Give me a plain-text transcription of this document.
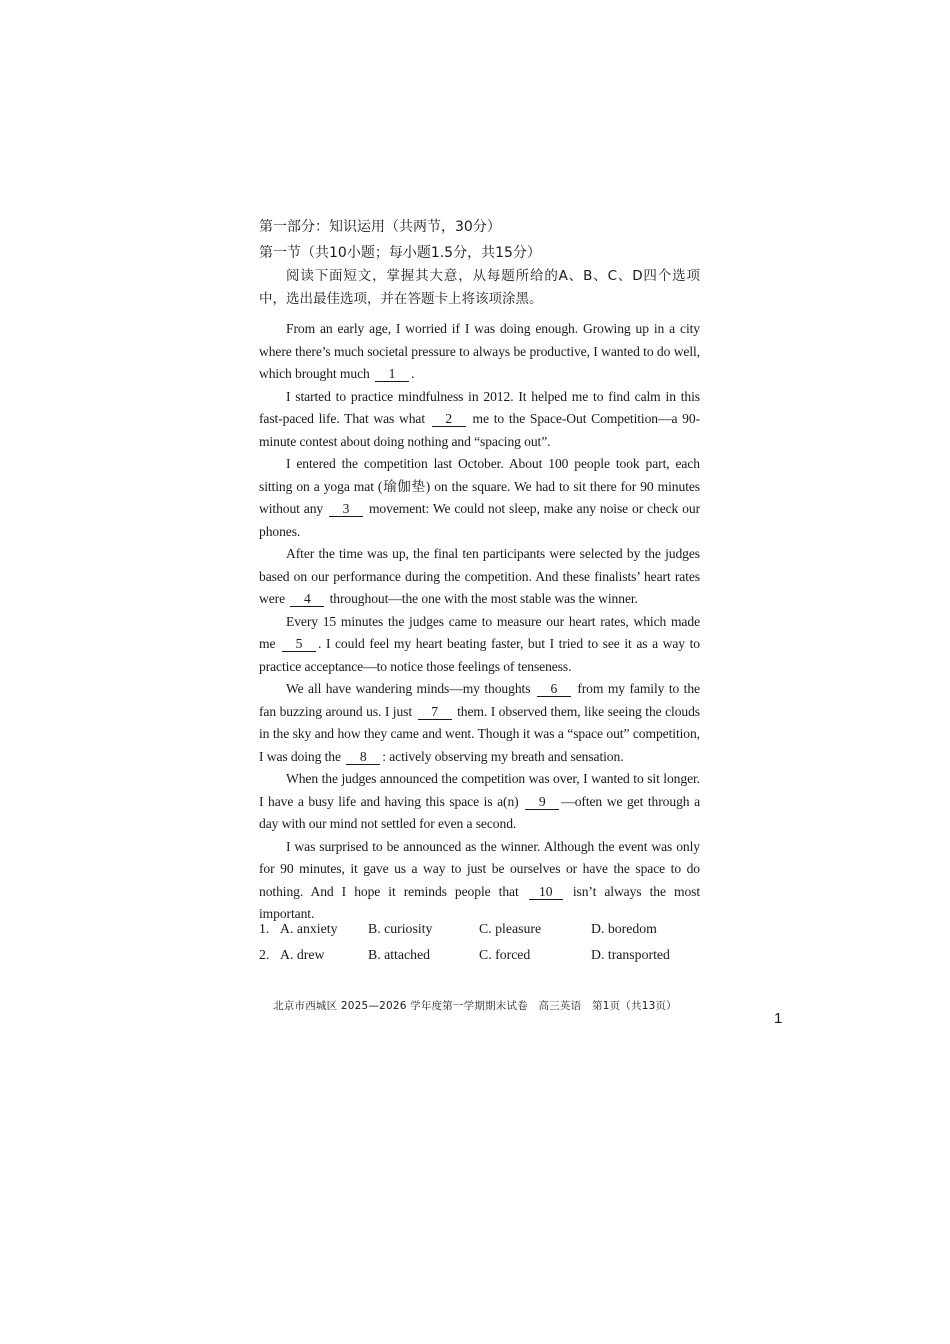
第一部分：知识运用（共两节，30分）
第一节（共10小题；每小题1.5分，共15分）
阅读下面短文，掌握其大意，从每题所给的A、B、C、D四个选项中，选出最佳选项，并在答题卡上将该项涂黑。
From an early age, I worried if I was doing enough. Growing up in a city where there’s much societal pressure to always be productive, I wanted to do well, which brought much 1 .
I started to practice mindfulness in 2012. It helped me to find calm in this fast-paced life. That was what 2 me to the Space-Out Competition—a 90-minute contest about doing nothing and “spacing out”.
I entered the competition last October. About 100 people took part, each sitting on a yoga mat (瑜伽垫) on the square. We had to sit there for 90 minutes without any 3 movement: We could not sleep, make any noise or check our phones.
After the time was up, the final ten participants were selected by the judges based on our performance during the competition. And these finalists’ heart rates were 4 throughout—the one with the most stable was the winner.
Every 15 minutes the judges came to measure our heart rates, which made me 5 . I could feel my heart beating faster, but I tried to see it as a way to practice acceptance—to notice those feelings of tenseness.
We all have wandering minds—my thoughts 6 from my family to the fan buzzing around us. I just 7 them. I observed them, like seeing the clouds in the sky and how they came and went. Though it was a “space out” competition, I was doing the 8 : actively observing my breath and sensation.
When the judges announced the competition was over, I wanted to sit longer. I have a busy life and having this space is a(n) 9 —often we get through a day with our mind not settled for even a second.
I was surprised to be announced as the winner. Although the event was only for 90 minutes, it gave us a way to just be ourselves or have the space to do nothing. And I hope it reminds people that 10 isn’t always the most important.
1. A. anxiety B. curiosity	C. pleasure	D. boredom
2. A. drew	B. attached	C. forced	D. transported
北京市西城区 2025—2026 学年度第一学期期末试卷　高三英语　第1页（共13页）
1
